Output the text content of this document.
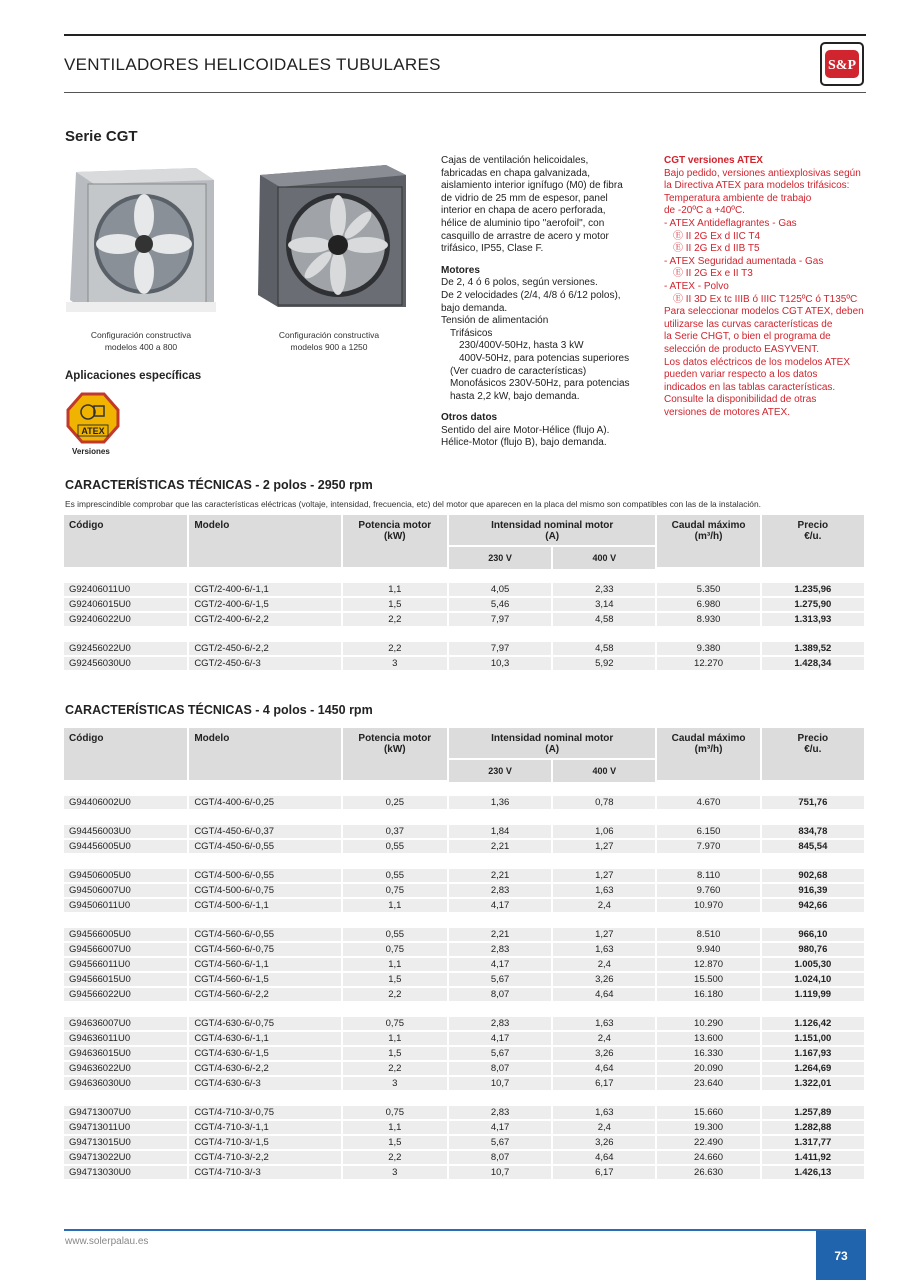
VENTILADORES HELICOIDALES TUBULARES	S&P
Serie CGT
Configuración constructiva
modelos 400 a 800
Configuración constructiva
modelos 900 a 1250
Aplicaciones específicas
ATEX
Versiones

Cajas de ventilación helicoidales,

fabricadas en chapa galvanizada,

aislamiento interior ignífugo (M0) de fibra

de vidrio de 25 mm de espesor, panel

interior en chapa de acero perforada,

hélice de aluminio tipo "aerofoil", con

casquillo de arrastre de acero y motor

trifásico, IP55, Clase F.

Motores

De 2, 4 ó 6 polos, según versiones.

De 2 velocidades (2/4, 4/8 ó 6/12 polos),

bajo demanda.

Tensión de alimentación

Trifásicos

230/400V-50Hz, hasta 3 kW

400V-50Hz, para potencias superiores

(Ver cuadro de características)

Monofásicos 230V-50Hz, para potencias

hasta 2,2 kW, bajo demanda.

Otros datos

Sentido del aire Motor-Hélice (flujo A).

Hélice-Motor (flujo B), bajo demanda.

CGT versiones ATEX

Bajo pedido, versiones antiexplosivas según

la Directiva ATEX para modelos trifásicos:

Temperatura ambiente de trabajo

de -20ºC a +40ºC.

- ATEX Antideflagrantes - Gas

Ⓔ II 2G Ex d IIC T4

Ⓔ II 2G Ex d IIB T5

- ATEX Seguridad aumentada - Gas

Ⓔ II 2G Ex e II T3

- ATEX - Polvo

Ⓔ II 3D Ex tc IIIB ó IIIC T125ºC ó T135ºC

Para seleccionar modelos CGT ATEX, deben

utilizarse las curvas características de

la Serie CHGT, o bien el programa de

selección de producto EASYVENT.

Los datos eléctricos de los modelos ATEX

pueden variar respecto a los datos

indicados en las tablas características.

Consulte la disponibilidad de otras

versiones de motores ATEX.

CARACTERÍSTICAS TÉCNICAS - 2 polos - 2950 rpm
Es imprescindible comprobar que las características eléctricas (voltaje, intensidad, frecuencia, etc) del motor que aparecen en la placa del mismo son compatibles con las de la instalación.
Código	Modelo	Potencia motor
(kW)	Intensidad nominal motor
(A)		Caudal máximo
(m³/h)	Precio
€/u.
			230 V	400 V		

G92406011U0	CGT/2-400-6/-1,1	1,1	4,05	2,33	5.350	1.235,96
G92406015U0	CGT/2-400-6/-1,5	1,5	5,46	3,14	6.980	1.275,90
G92406022U0	CGT/2-400-6/-2,2	2,2	7,97	4,58	8.930	1.313,93

G92456022U0	CGT/2-450-6/-2,2	2,2	7,97	4,58	9.380	1.389,52
G92456030U0	CGT/2-450-6/-3	3	10,3	5,92	12.270	1.428,34
CARACTERÍSTICAS TÉCNICAS - 4 polos - 1450 rpm
Código	Modelo	Potencia motor
(kW)	Intensidad nominal motor
(A)		Caudal máximo
(m³/h)	Precio
€/u.
			230 V	400 V		

G94406002U0	CGT/4-400-6/-0,25	0,25	1,36	0,78	4.670	751,76

G94456003U0	CGT/4-450-6/-0,37	0,37	1,84	1,06	6.150	834,78
G94456005U0	CGT/4-450-6/-0,55	0,55	2,21	1,27	7.970	845,54

G94506005U0	CGT/4-500-6/-0,55	0,55	2,21	1,27	8.110	902,68
G94506007U0	CGT/4-500-6/-0,75	0,75	2,83	1,63	9.760	916,39
G94506011U0	CGT/4-500-6/-1,1	1,1	4,17	2,4	10.970	942,66

G94566005U0	CGT/4-560-6/-0,55	0,55	2,21	1,27	8.510	966,10
G94566007U0	CGT/4-560-6/-0,75	0,75	2,83	1,63	9.940	980,76
G94566011U0	CGT/4-560-6/-1,1	1,1	4,17	2,4	12.870	1.005,30
G94566015U0	CGT/4-560-6/-1,5	1,5	5,67	3,26	15.500	1.024,10
G94566022U0	CGT/4-560-6/-2,2	2,2	8,07	4,64	16.180	1.119,99

G94636007U0	CGT/4-630-6/-0,75	0,75	2,83	1,63	10.290	1.126,42
G94636011U0	CGT/4-630-6/-1,1	1,1	4,17	2,4	13.600	1.151,00
G94636015U0	CGT/4-630-6/-1,5	1,5	5,67	3,26	16.330	1.167,93
G94636022U0	CGT/4-630-6/-2,2	2,2	8,07	4,64	20.090	1.264,69
G94636030U0	CGT/4-630-6/-3	3	10,7	6,17	23.640	1.322,01

G94713007U0	CGT/4-710-3/-0,75	0,75	2,83	1,63	15.660	1.257,89
G94713011U0	CGT/4-710-3/-1,1	1,1	4,17	2,4	19.300	1.282,88
G94713015U0	CGT/4-710-3/-1,5	1,5	5,67	3,26	22.490	1.317,77
G94713022U0	CGT/4-710-3/-2,2	2,2	8,07	4,64	24.660	1.411,92
G94713030U0	CGT/4-710-3/-3	3	10,7	6,17	26.630	1.426,13
www.solerpalau.es
73
